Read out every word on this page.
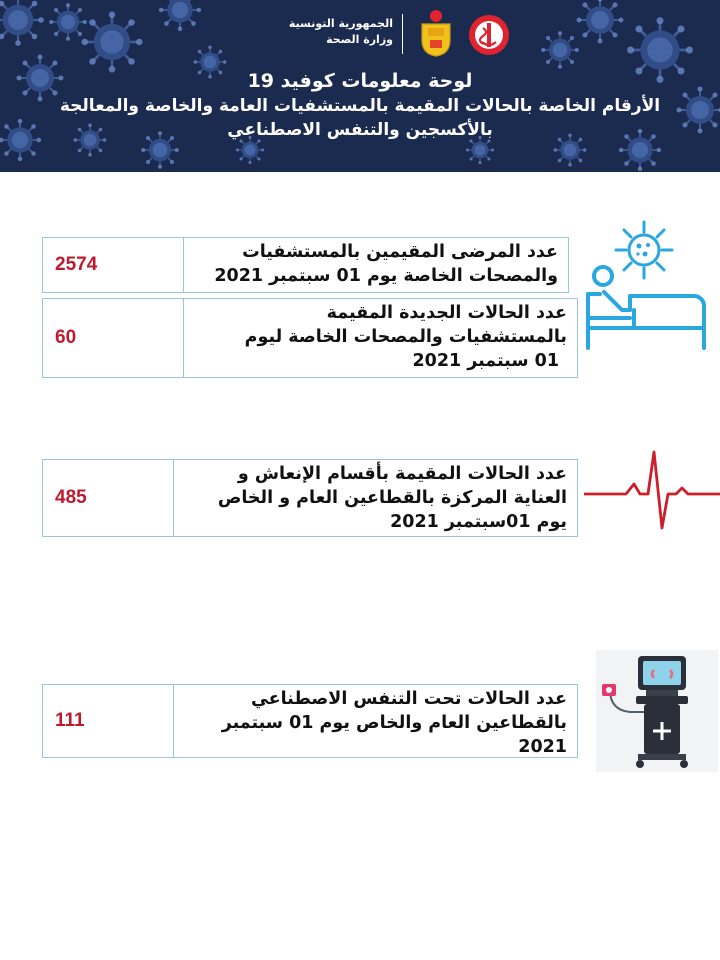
الجمهورية التونسية
وزارة الصحة
لوحة معلومات كوفيد 19
الأرقام الخاصة بالحالات المقيمة بالمستشفيات العامة والخاصة والمعالجة
بالأكسجين والتنفس الاصطناعي
2574
عدد المرضى المقيمين بالمستشفيات
والمصحات الخاصة يوم 01 سبتمبر 2021
60
عدد الحالات الجديدة المقيمة
بالمستشفيات والمصحات الخاصة ليوم
01 سبتمبر 2021
485
عدد الحالات المقيمة بأقسام الإنعاش و
العناية المركزة بالقطاعين العام و الخاص
يوم 01سبتمبر 2021
111
عدد الحالات تحت التنفس الاصطناعي
بالقطاعين العام والخاص يوم 01 سبتمبر
2021
